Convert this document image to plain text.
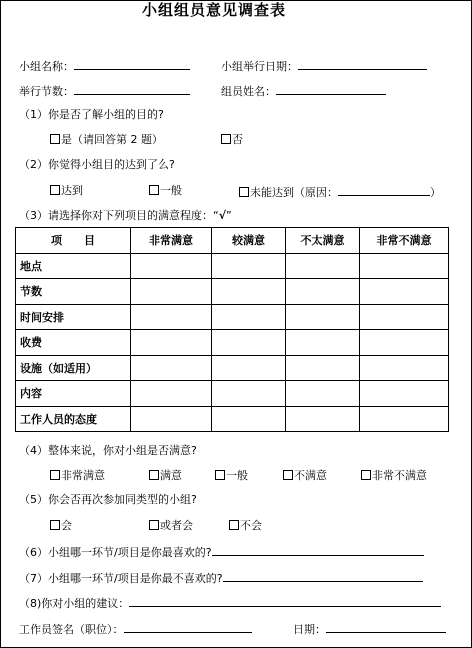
小组组员意见调查表
小组名称：	小组举行日期：
举行节数：	组员姓名：
（1）你是否了解小组的目的?
是（请回答第 2 题）	否
（2）你觉得小组目的达到了么?
达到	一般	未能达到（原因：	）
（3）请选择你对下列项目的满意程度：“√”
项　　目	非常满意	较满意	不太满意	非常不满意
地点				
节数				
时间安排				
收费				
设施（如适用）				
内容				
工作人员的态度				
（4）整体来说，你对小组是否满意?
非常满意	满意	一般	不满意	非常不满意
（5）你会否再次参加同类型的小组?
会	或者会	不会
（6）小组哪一环节/项目是你最喜欢的?
（7）小组哪一环节/项目是你最不喜欢的?
（8)你对小组的建议：
工作员签名（职位）：	日期：
